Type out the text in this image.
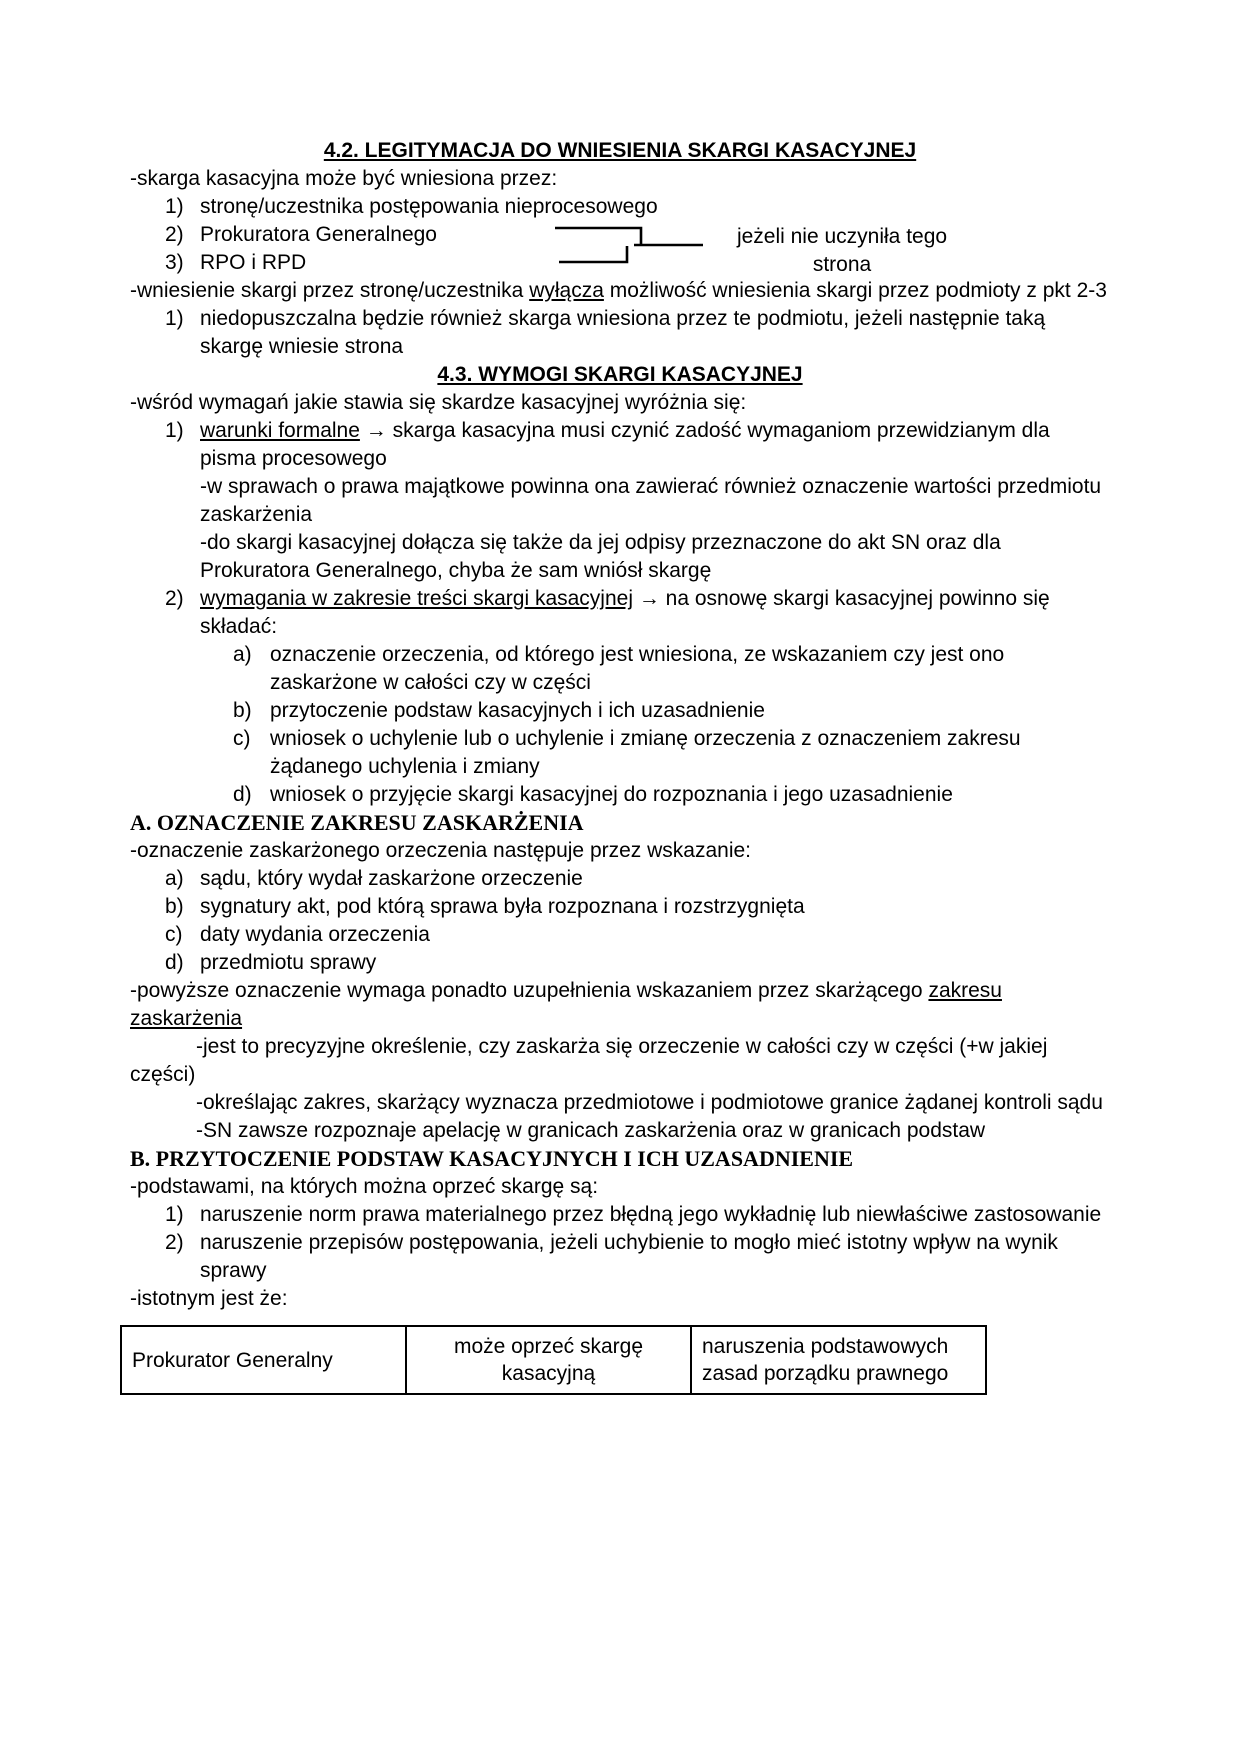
4.2. LEGITYMACJA DO WNIESIENIA SKARGI KASACYJNEJ
-skarga kasacyjna może być wniesiona przez:
1) stronę/uczestnika postępowania nieprocesowego
2) Prokuratora Generalnego
3) RPO i RPD
jeżeli nie uczyniła tego
strona
-wniesienie skargi przez stronę/uczestnika wyłącza możliwość wniesienia skargi przez podmioty z pkt 2-3
1) niedopuszczalna będzie również skarga wniesiona przez te podmiotu, jeżeli następnie taką skargę wniesie strona
4.3. WYMOGI SKARGI KASACYJNEJ
-wśród wymagań jakie stawia się skardze kasacyjnej wyróżnia się:
1) warunki formalne → skarga kasacyjna musi czynić zadość wymaganiom przewidzianym dla pisma procesowego
-w sprawach o prawa majątkowe powinna ona zawierać również oznaczenie wartości przedmiotu zaskarżenia
-do skargi kasacyjnej dołącza się także da jej odpisy przeznaczone do akt SN oraz dla Prokuratora Generalnego, chyba że sam wniósł skargę
2) wymagania w zakresie treści skargi kasacyjnej → na osnowę skargi kasacyjnej powinno się składać:
a) oznaczenie orzeczenia, od którego jest wniesiona, ze wskazaniem czy jest ono zaskarżone w całości czy w części
b) przytoczenie podstaw kasacyjnych i ich uzasadnienie
c) wniosek o uchylenie lub o uchylenie i zmianę orzeczenia z oznaczeniem zakresu żądanego uchylenia i zmiany
d) wniosek o przyjęcie skargi kasacyjnej do rozpoznania i jego uzasadnienie
A. OZNACZENIE ZAKRESU ZASKARŻENIA
-oznaczenie zaskarżonego orzeczenia następuje przez wskazanie:
a) sądu, który wydał zaskarżone orzeczenie
b) sygnatury akt, pod którą sprawa była rozpoznana i rozstrzygnięta
c) daty wydania orzeczenia
d) przedmiotu sprawy
-powyższe oznaczenie wymaga ponadto uzupełnienia wskazaniem przez skarżącego zakresu zaskarżenia
-jest to precyzyjne określenie, czy zaskarża się orzeczenie w całości czy w części (+w jakiej części)
-określając zakres, skarżący wyznacza przedmiotowe i podmiotowe granice żądanej kontroli sądu
-SN zawsze rozpoznaje apelację w granicach zaskarżenia oraz w granicach podstaw
B. PRZYTOCZENIE PODSTAW KASACYJNYCH I ICH UZASADNIENIE
-podstawami, na których można oprzeć skargę są:
1) naruszenie norm prawa materialnego przez błędną jego wykładnię lub niewłaściwe zastosowanie
2) naruszenie przepisów postępowania, jeżeli uchybienie to mogło mieć istotny wpływ na wynik sprawy
-istotnym jest że:
Prokurator Generalny	może oprzeć skargę kasacyjną	naruszenia podstawowych zasad porządku prawnego
